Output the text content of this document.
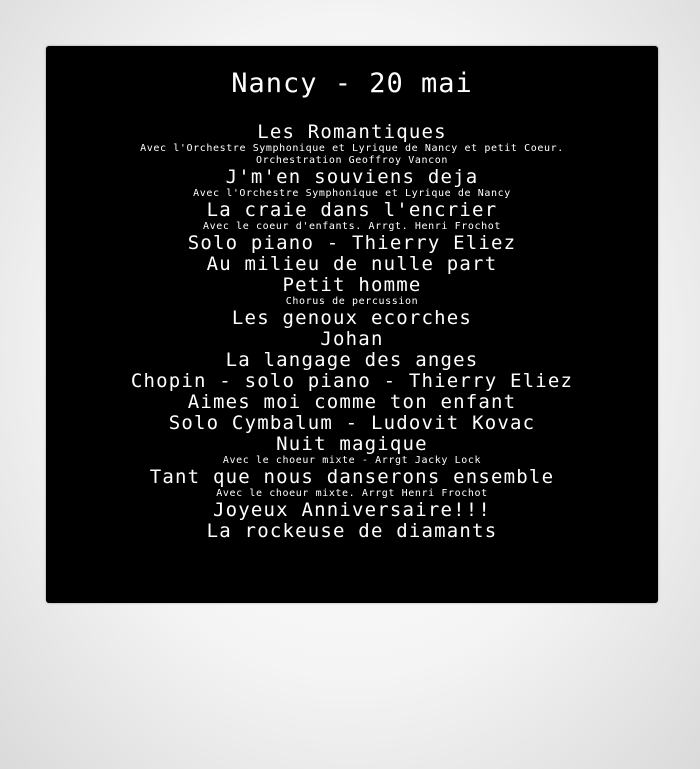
Nancy - 20 mai
Les Romantiques
Avec l'Orchestre Symphonique et Lyrique de Nancy et petit Coeur.
Orchestration Geoffroy Vancon
J'm'en souviens deja
Avec l'Orchestre Symphonique et Lyrique de Nancy
La craie dans l'encrier
Avec le coeur d'enfants. Arrgt. Henri Frochot
Solo piano - Thierry Eliez
Au milieu de nulle part
Petit homme
Chorus de percussion
Les genoux ecorches
Johan
La langage des anges
Chopin - solo piano - Thierry Eliez
Aimes moi comme ton enfant
Solo Cymbalum - Ludovit Kovac
Nuit magique
Avec le choeur mixte - Arrgt Jacky Lock
Tant que nous danserons ensemble
Avec le choeur mixte. Arrgt Henri Frochot
Joyeux Anniversaire!!!
La rockeuse de diamants
